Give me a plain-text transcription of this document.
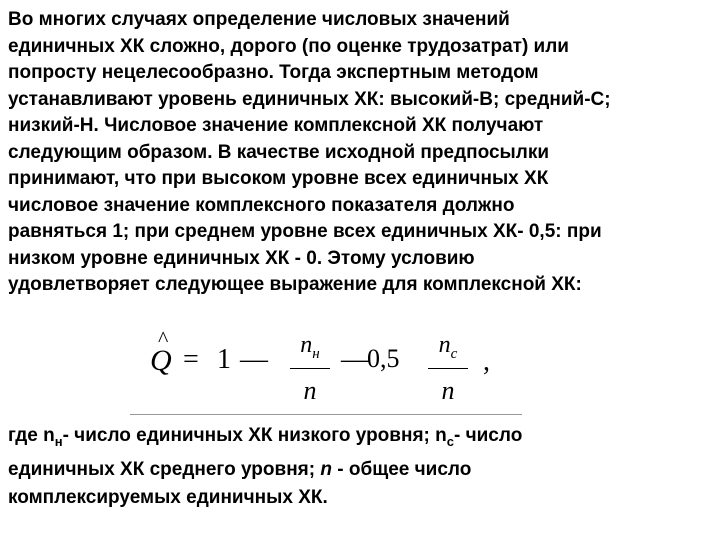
Во многих случаях определение числовых значений
единичных ХК сложно, дорого (по оценке трудозатрат) или
попросту нецелесообразно. Тогда экспертным методом
устанавливают уровень единичных ХК: высокий-В; средний-С;
низкий-Н. Числовое значение комплексной ХК получают
следующим образом. В качестве исходной предпосылки
принимают, что при высоком уровне всех единичных ХК
числовое значение комплексного показателя должно
равняться 1; при среднем уровне всех единичных ХК- 0,5: при
низком уровне единичных ХК - 0. Этому условию
удовлетворяет следующее выражение для комплексной ХК:
Q
^
= 1 —	$n_н$
n
—
0,5	$n_c$
n
,
где $n_н-$ число единичных ХК низкого уровня; $n_с-$ число
единичных ХК среднего уровня; n - общее число
комплексируемых единичных ХК.
